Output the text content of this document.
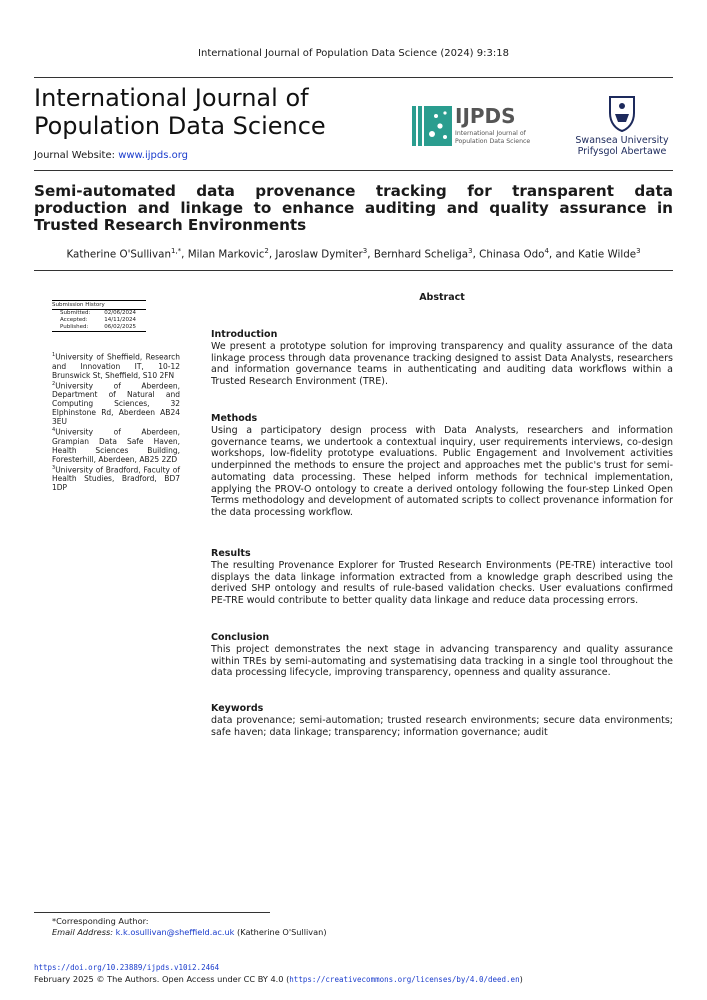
International Journal of Population Data Science (2024) 9:3:18
International Journal of
Population Data Science
Journal Website: www.ijpds.org
IJPDS
International Journal of
Population Data Science	Swansea University
Prifysgol Abertawe
Semi-automated data provenance tracking for transparent data production and linkage to enhance auditing and quality assurance in Trusted Research Environments
Katherine O'Sullivan$^{1,*}$, Milan Markovic$^2$, Jaroslaw Dymiter$^3$, Bernhard Scheliga$^3$, Chinasa Odo$^4$, and Katie Wilde$^3$
Submission History
Submitted:	02/06/2024
Accepted:	14/11/2024
Published:	06/02/2025

$^1$University of Sheffield, Research and Innovation IT, 10-12 Brunswick St, Sheffield, S10 2FN

$^2$University of Aberdeen, Department of Natural and Computing Sciences, 32 Elphinstone Rd, Aberdeen AB24 3EU

$^4$University of Aberdeen, Grampian Data Safe Haven, Health Sciences Building, Foresterhill, Aberdeen, AB25 2ZD

$^3$University of Bradford, Faculty of Health Studies, Bradford, BD7 1DP

Abstract
Introduction

We present a prototype solution for improving transparency and quality assurance of the data linkage process through data provenance tracking designed to assist Data Analysts, researchers and information governance teams in authenticating and auditing data workflows within a Trusted Research Environment (TRE).

Methods

Using a participatory design process with Data Analysts, researchers and information governance teams, we undertook a contextual inquiry, user requirements interviews, co-design workshops, low-fidelity prototype evaluations. Public Engagement and Involvement activities underpinned the methods to ensure the project and approaches met the public's trust for semi-automating data processing. These helped inform methods for technical implementation, applying the PROV-O ontology to create a derived ontology following the four-step Linked Open Terms methodology and development of automated scripts to collect provenance information for the data processing workflow.

Results

The resulting Provenance Explorer for Trusted Research Environments (PE-TRE) interactive tool displays the data linkage information extracted from a knowledge graph described using the derived SHP ontology and results of rule-based validation checks. User evaluations confirmed PE-TRE would contribute to better quality data linkage and reduce data processing errors.

Conclusion

This project demonstrates the next stage in advancing transparency and quality assurance within TREs by semi-automating and systematising data tracking in a single tool throughout the data processing lifecycle, improving transparency, openness and quality assurance.

Keywords

data provenance; semi-automation; trusted research environments; secure data environments; safe haven; data linkage; transparency; information governance; audit

*Corresponding Author:
Email Address: k.k.osullivan@sheffield.ac.uk (Katherine O'Sullivan)
https://doi.org/10.23889/ijpds.v10i2.2464
February 2025 © The Authors. Open Access under CC BY 4.0 (https://creativecommons.org/licenses/by/4.0/deed.en)
